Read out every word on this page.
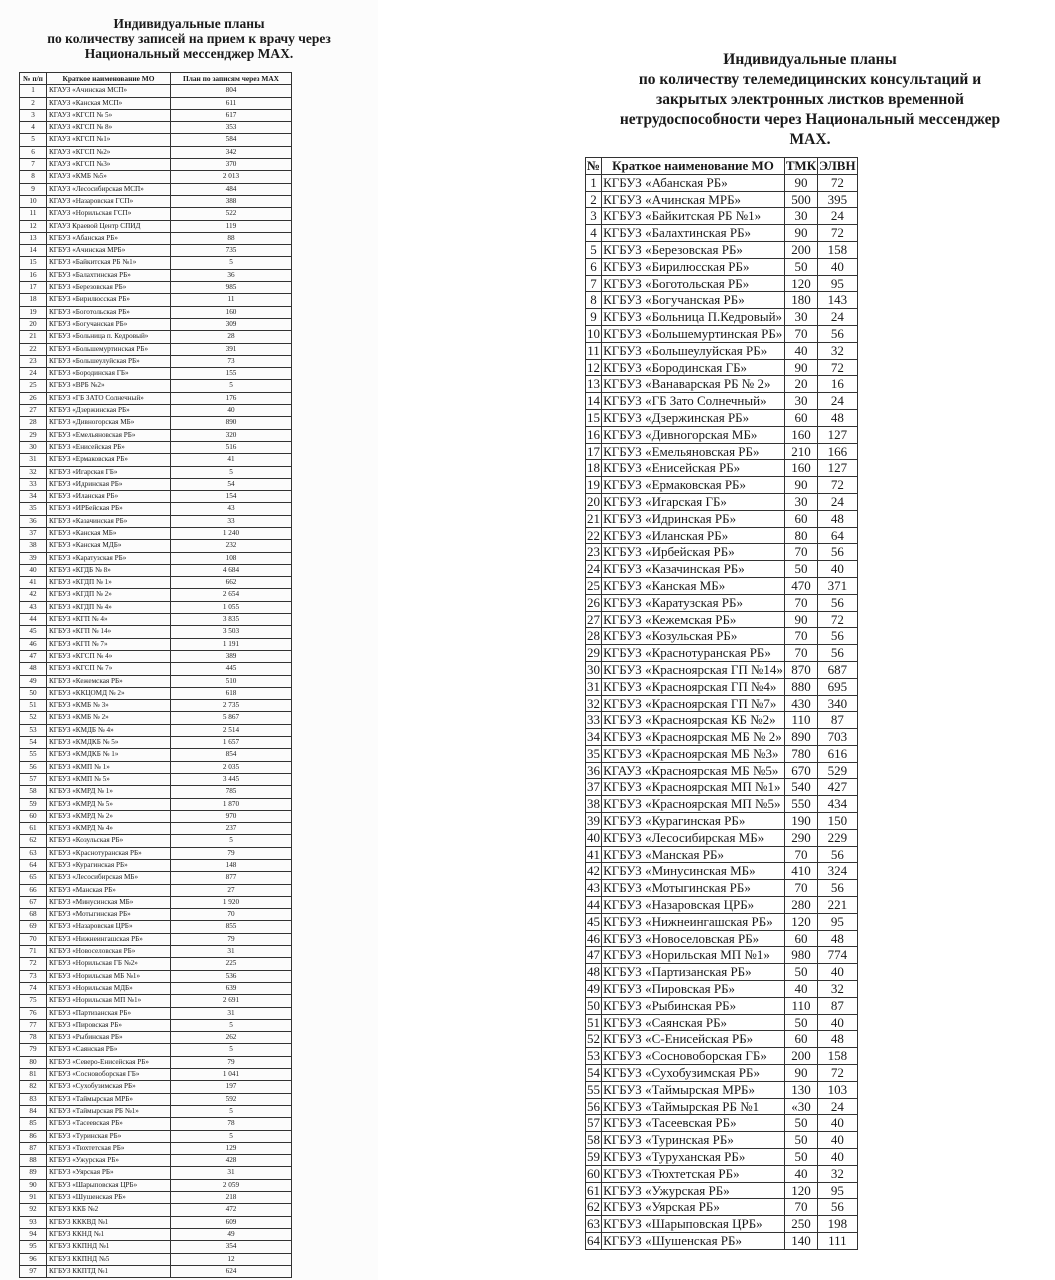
Индивидуальные планы
по количеству записей на прием к врачу через
Национальный мессенджер MAX.
№ п/п	Краткое наименование МО	План по записям через MAX
1	КГАУЗ «Ачинская МСП»	804
2	КГАУЗ «Канская МСП»	611
3	КГАУЗ «КГСП № 5»	617
4	КГАУЗ «КГСП № 8»	353
5	КГАУЗ «КГСП №1»	584
6	КГАУЗ «КГСП №2»	342
7	КГАУЗ «КГСП №3»	370
8	КГАУЗ «КМБ №5»	2 013
9	КГАУЗ «Лесосибирская МСП»	484
10	КГАУЗ «Назаровская ГСП»	388
11	КГАУЗ «Норильская ГСП»	522
12	КГАУЗ Краевой Центр СПИД	119
13	КГБУЗ «Абанская РБ»	88
14	КГБУЗ «Ачинская МРБ»	735
15	КГБУЗ «Байкитская РБ №1»	5
16	КГБУЗ «Балахтинская РБ»	36
17	КГБУЗ «Березовская РБ»	985
18	КГБУЗ «Бирилюсская РБ»	11
19	КГБУЗ «Боготольская РБ»	160
20	КГБУЗ «Богучанская РБ»	309
21	КГБУЗ «Больница п. Кедровый»	28
22	КГБУЗ «Большемуртинская РБ»	391
23	КГБУЗ «Большеулуйская РБ»	73
24	КГБУЗ «Бородинская ГБ»	155
25	КГБУЗ «ВРБ №2»	5
26	КГБУЗ «ГБ ЗАТО Солнечный»	176
27	КГБУЗ «Дзержинская РБ»	40
28	КГБУЗ «Дивногорская МБ»	890
29	КГБУЗ «Емельяновская РБ»	320
30	КГБУЗ «Енисейская РБ»	516
31	КГБУЗ «Ермаковская РБ»	41
32	КГБУЗ «Игарская ГБ»	5
33	КГБУЗ «Идринская РБ»	54
34	КГБУЗ «Иланская РБ»	154
35	КГБУЗ «ИРБейская РБ»	43
36	КГБУЗ «Казачинская РБ»	33
37	КГБУЗ «Канская МБ»	1 240
38	КГБУЗ «Канская МДБ»	232
39	КГБУЗ «Каратузская РБ»	108
40	КГБУЗ «КГДБ № 8»	4 684
41	КГБУЗ «КГДП № 1»	662
42	КГБУЗ «КГДП № 2»	2 654
43	КГБУЗ «КГДП № 4»	1 055
44	КГБУЗ «КГП № 4»	3 835
45	КГБУЗ «КГП № 14»	3 503
46	КГБУЗ «КГП № 7»	1 191
47	КГБУЗ «КГСП № 4»	389
48	КГБУЗ «КГСП № 7»	445
49	КГБУЗ «Кежемская РБ»	510
50	КГБУЗ «ККЦОМД № 2»	618
51	КГБУЗ «КМБ № 3»	2 735
52	КГБУЗ «КМБ № 2»	5 867
53	КГБУЗ «КМДБ № 4»	2 514
54	КГБУЗ «КМДКБ № 5»	1 657
55	КГБУЗ «КМДКБ № 1»	854
56	КГБУЗ «КМП № 1»	2 035
57	КГБУЗ «КМП № 5»	3 445
58	КГБУЗ «КМРД № 1»	785
59	КГБУЗ «КМРД № 5»	1 870
60	КГБУЗ «КМРД № 2»	970
61	КГБУЗ «КМРД № 4»	237
62	КГБУЗ «Козульская РБ»	5
63	КГБУЗ «Краснотуранская РБ»	79
64	КГБУЗ «Курагинская РБ»	148
65	КГБУЗ «Лесосибирская МБ»	877
66	КГБУЗ «Манская РБ»	27
67	КГБУЗ «Минусинская МБ»	1 920
68	КГБУЗ «Мотыгинская РБ»	70
69	КГБУЗ «Назаровская ЦРБ»	855
70	КГБУЗ «Нижнеингашская РБ»	79
71	КГБУЗ «Новоселовская РБ»	31
72	КГБУЗ «Норильская ГБ №2»	225
73	КГБУЗ «Норильская МБ №1»	536
74	КГБУЗ «Норильская МДБ»	639
75	КГБУЗ «Норильская МП №1»	2 691
76	КГБУЗ «Партизанская РБ»	31
77	КГБУЗ «Пировская РБ»	5
78	КГБУЗ «Рыбинская РБ»	262
79	КГБУЗ «Саянская РБ»	5
80	КГБУЗ «Северо-Енисейская РБ»	79
81	КГБУЗ «Сосновоборская ГБ»	1 041
82	КГБУЗ «Сухобузимская РБ»	197
83	КГБУЗ «Таймырская МРБ»	592
84	КГБУЗ «Таймырская РБ №1»	5
85	КГБУЗ «Тасеевская РБ»	78
86	КГБУЗ «Туринская РБ»	5
87	КГБУЗ «Тюхтетская РБ»	129
88	КГБУЗ «Ужурская РБ»	428
89	КГБУЗ «Уярская РБ»	31
90	КГБУЗ «Шарыповская ЦРБ»	2 059
91	КГБУЗ «Шушенская РБ»	218
92	КГБУЗ ККБ №2	472
93	КГБУЗ КККВД №1	609
94	КГБУЗ ККНД №1	49
95	КГБУЗ ККПНД №1	354
96	КГБУЗ ККПНД №5	12
97	КГБУЗ ККПТД №1	624
Индивидуальные планы
по количеству телемедицинских консультаций и
закрытых электронных листков временной
нетрудоспособности через Национальный мессенджер
MAX.
№	Краткое наименование МО	ТМК	ЭЛВН
1	КГБУЗ «Абанская РБ»	90	72
2	КГБУЗ «Ачинская МРБ»	500	395
3	КГБУЗ «Байкитская РБ №1»	30	24
4	КГБУЗ «Балахтинская РБ»	90	72
5	КГБУЗ «Березовская РБ»	200	158
6	КГБУЗ «Бирилюсская РБ»	50	40
7	КГБУЗ «Боготольская РБ»	120	95
8	КГБУЗ «Богучанская РБ»	180	143
9	КГБУЗ «Больница П.Кедровый»	30	24
10	КГБУЗ «Большемуртинская РБ»	70	56
11	КГБУЗ «Большеулуйская РБ»	40	32
12	КГБУЗ «Бородинская ГБ»	90	72
13	КГБУЗ «Ванаварская РБ № 2»	20	16
14	КГБУЗ «ГБ Зато Солнечный»	30	24
15	КГБУЗ «Дзержинская РБ»	60	48
16	КГБУЗ «Дивногорская МБ»	160	127
17	КГБУЗ «Емельяновская РБ»	210	166
18	КГБУЗ «Енисейская РБ»	160	127
19	КГБУЗ «Ермаковская РБ»	90	72
20	КГБУЗ «Игарская ГБ»	30	24
21	КГБУЗ «Идринская РБ»	60	48
22	КГБУЗ «Иланская РБ»	80	64
23	КГБУЗ «Ирбейская РБ»	70	56
24	КГБУЗ «Казачинская РБ»	50	40
25	КГБУЗ «Канская МБ»	470	371
26	КГБУЗ «Каратузская РБ»	70	56
27	КГБУЗ «Кежемская РБ»	90	72
28	КГБУЗ «Козульская РБ»	70	56
29	КГБУЗ «Краснотуранская РБ»	70	56
30	КГБУЗ «Красноярская ГП №14»	870	687
31	КГБУЗ «Красноярская ГП №4»	880	695
32	КГБУЗ «Красноярская ГП №7»	430	340
33	КГБУЗ «Красноярская КБ №2»	110	87
34	КГБУЗ «Красноярская МБ № 2»	890	703
35	КГБУЗ «Красноярская МБ №3»	780	616
36	КГАУЗ «Красноярская МБ №5»	670	529
37	КГБУЗ «Красноярская МП №1»	540	427
38	КГБУЗ «Красноярская МП №5»	550	434
39	КГБУЗ «Курагинская РБ»	190	150
40	КГБУЗ «Лесосибирская МБ»	290	229
41	КГБУЗ «Манская РБ»	70	56
42	КГБУЗ «Минусинская МБ»	410	324
43	КГБУЗ «Мотыгинская РБ»	70	56
44	КГБУЗ «Назаровская ЦРБ»	280	221
45	КГБУЗ «Нижнеингашская РБ»	120	95
46	КГБУЗ «Новоселовская РБ»	60	48
47	КГБУЗ «Норильская МП №1»	980	774
48	КГБУЗ «Партизанская РБ»	50	40
49	КГБУЗ «Пировская РБ»	40	32
50	КГБУЗ «Рыбинская РБ»	110	87
51	КГБУЗ «Саянская РБ»	50	40
52	КГБУЗ «С-Енисейская РБ»	60	48
53	КГБУЗ «Сосновоборская ГБ»	200	158
54	КГБУЗ «Сухобузимская РБ»	90	72
55	КГБУЗ «Таймырская МРБ»	130	103
56	КГБУЗ «Таймырская РБ №1	«30	24
57	КГБУЗ «Тасеевская РБ»	50	40
58	КГБУЗ «Туринская РБ»	50	40
59	КГБУЗ «Туруханская РБ»	50	40
60	КГБУЗ «Тюхтетская РБ»	40	32
61	КГБУЗ «Ужурская РБ»	120	95
62	КГБУЗ «Уярская РБ»	70	56
63	КГБУЗ «Шарыповская ЦРБ»	250	198
64	КГБУЗ «Шушенская РБ»	140	111
